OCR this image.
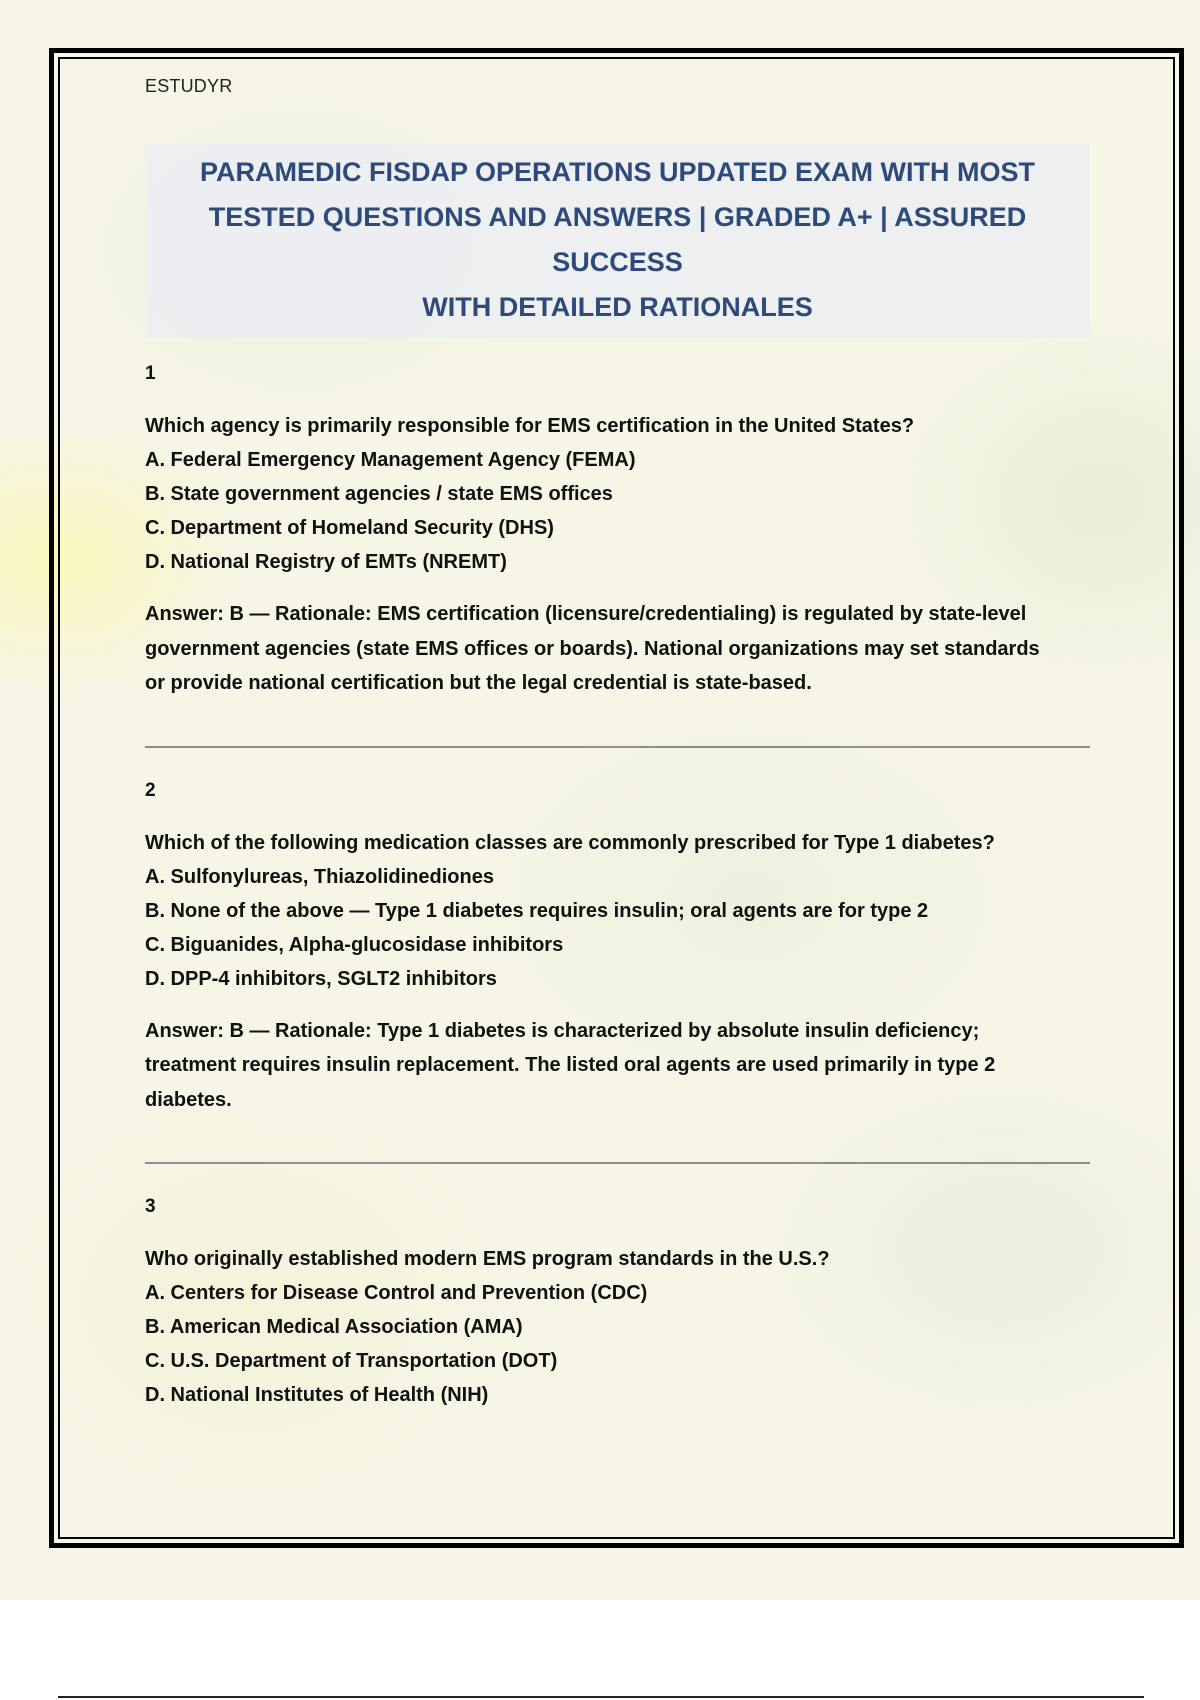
ESTUDYR
PARAMEDIC FISDAP OPERATIONS UPDATED EXAM WITH MOST
TESTED QUESTIONS AND ANSWERS | GRADED A+ | ASSURED SUCCESS
WITH DETAILED RATIONALES
1
Which agency is primarily responsible for EMS certification in the United States?
A. Federal Emergency Management Agency (FEMA)
B. State government agencies / state EMS offices
C. Department of Homeland Security (DHS)
D. National Registry of EMTs (NREMT)
Answer: B — Rationale: EMS certification (licensure/credentialing) is regulated by state-level
government agencies (state EMS offices or boards). National organizations may set standards
or provide national certification but the legal credential is state-based.
2
Which of the following medication classes are commonly prescribed for Type 1 diabetes?
A. Sulfonylureas, Thiazolidinediones
B. None of the above — Type 1 diabetes requires insulin; oral agents are for type 2
C. Biguanides, Alpha-glucosidase inhibitors
D. DPP-4 inhibitors, SGLT2 inhibitors
Answer: B — Rationale: Type 1 diabetes is characterized by absolute insulin deficiency;
treatment requires insulin replacement. The listed oral agents are used primarily in type 2
diabetes.
3
Who originally established modern EMS program standards in the U.S.?
A. Centers for Disease Control and Prevention (CDC)
B. American Medical Association (AMA)
C. U.S. Department of Transportation (DOT)
D. National Institutes of Health (NIH)
